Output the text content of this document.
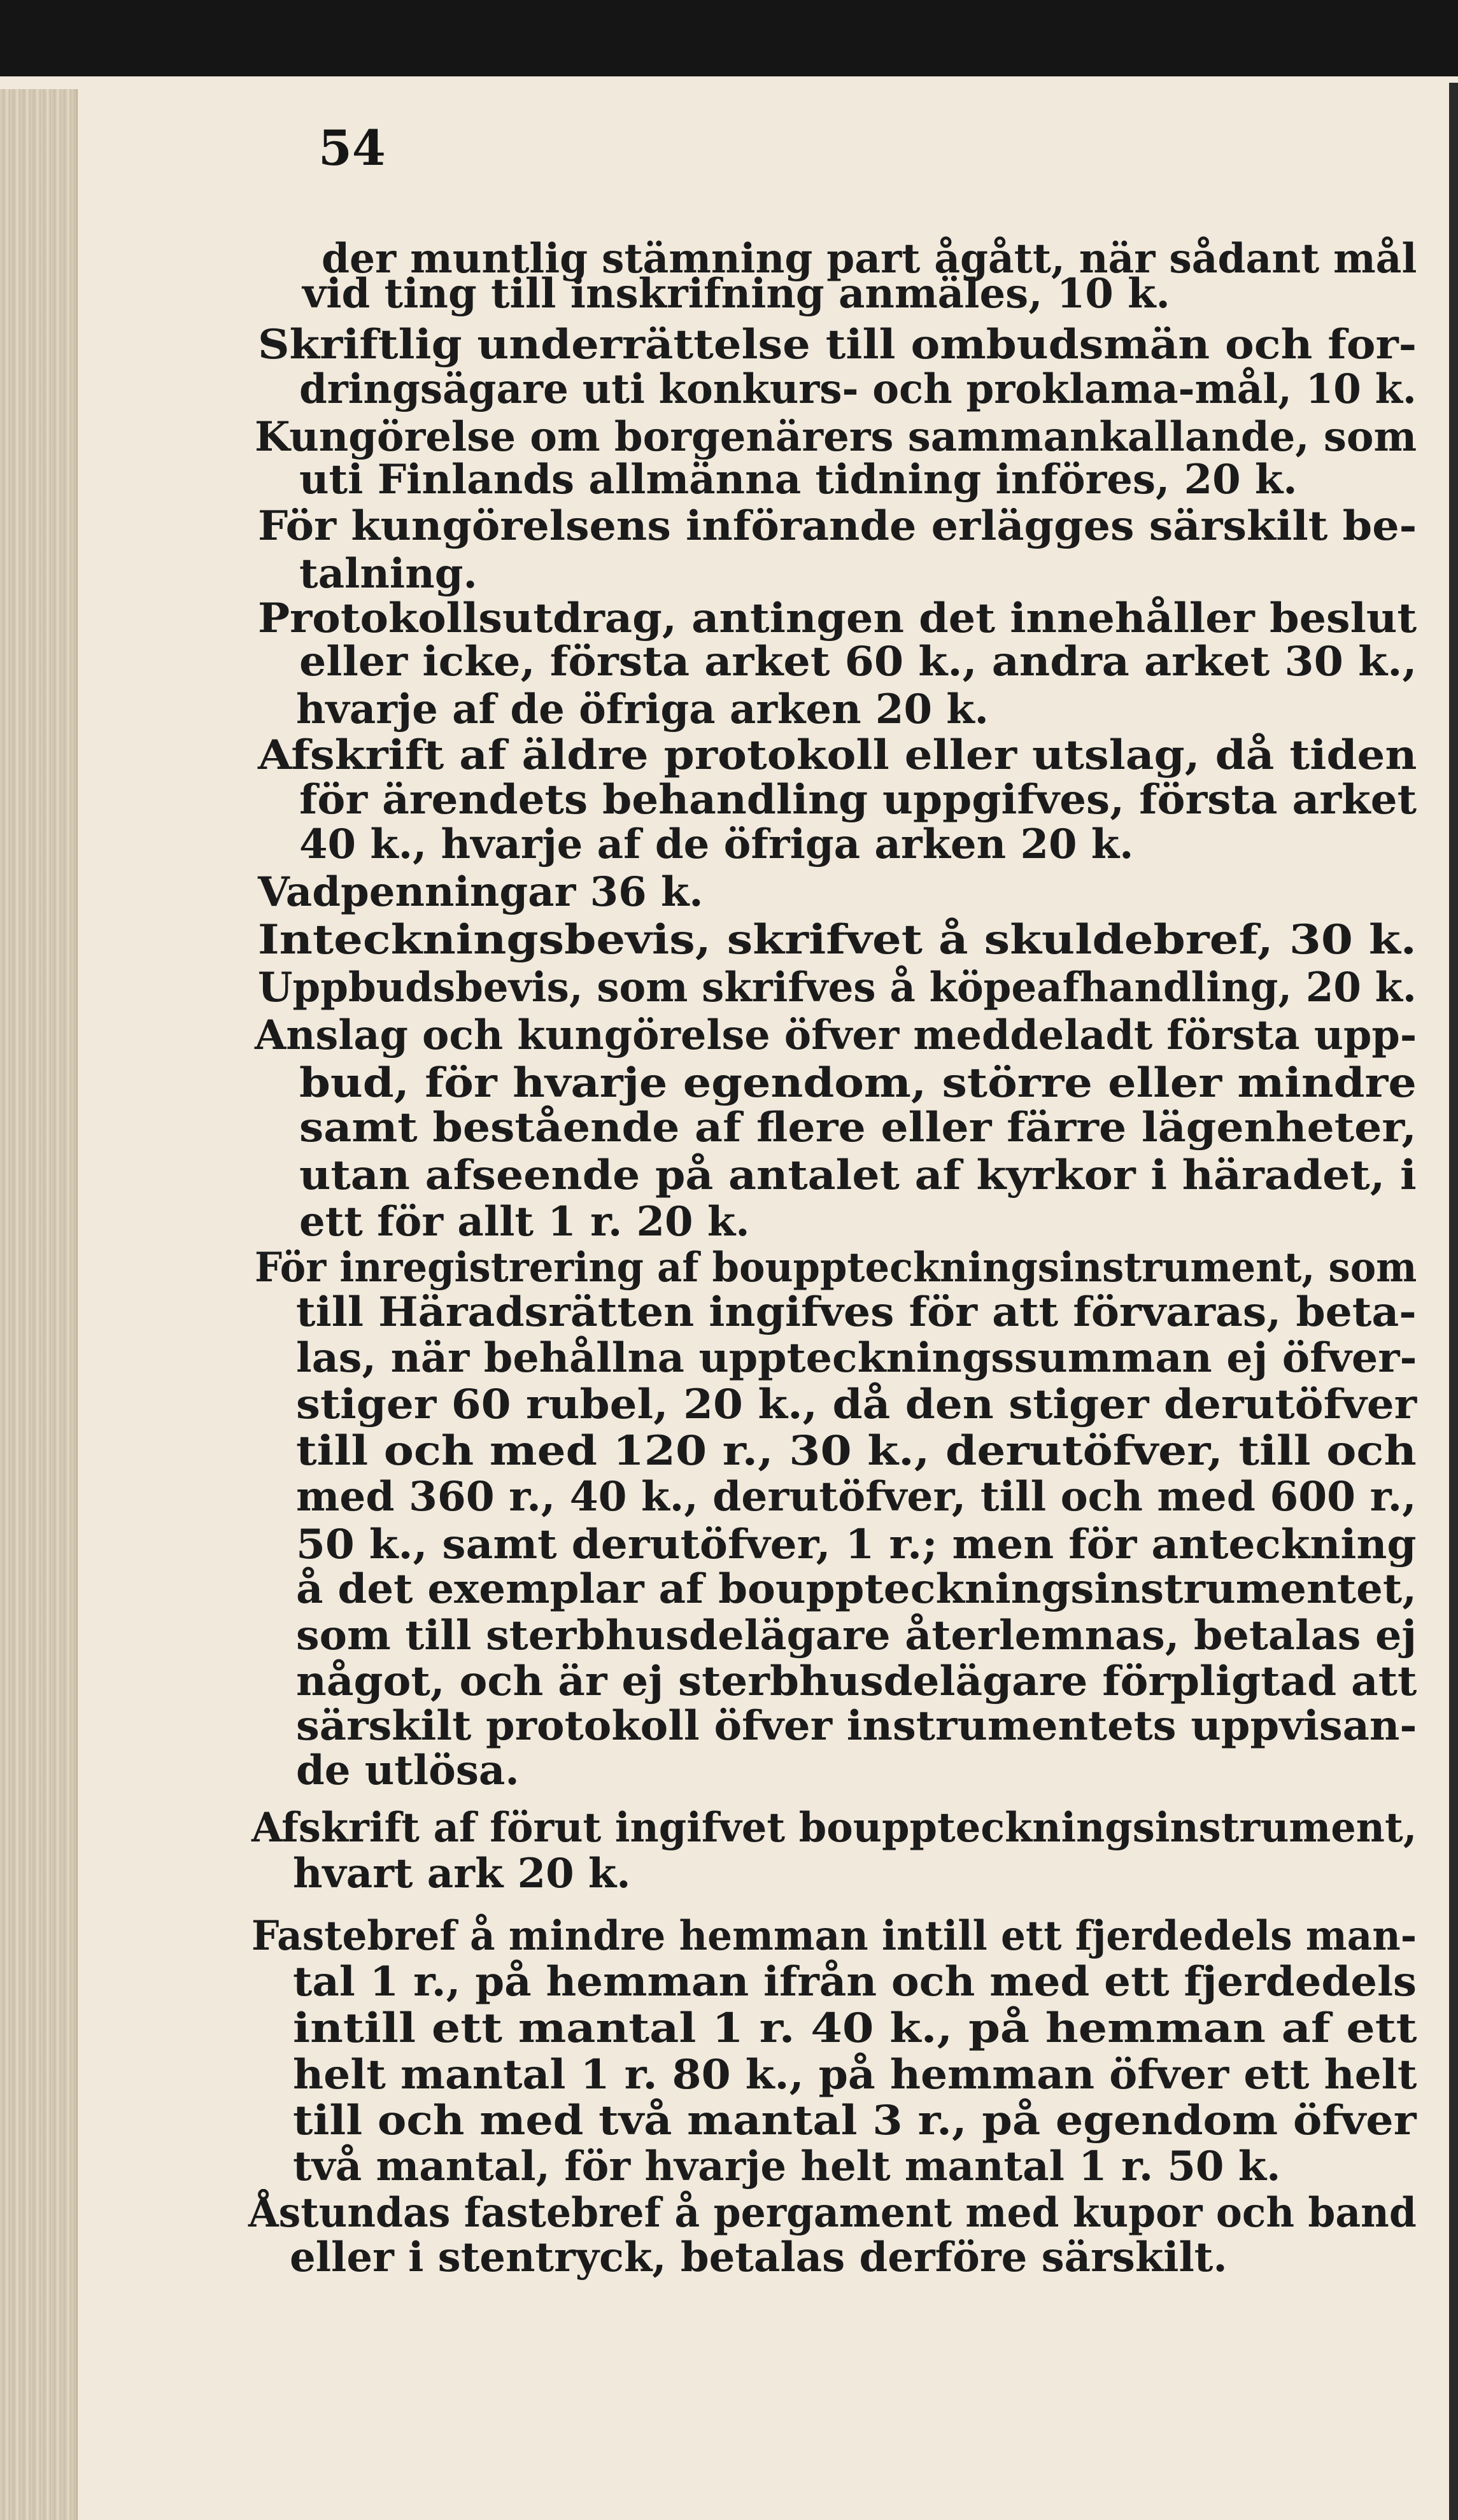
54
der muntlig stämning part ågått, när sådant mål
vid ting till inskrifning anmäles, 10 k.
Skriftlig underrättelse till ombudsmän och for-
dringsägare uti konkurs- och proklama-mål, 10 k.
Kungörelse om borgenärers sammankallande, som
uti Finlands allmänna tidning införes, 20 k.
För kungörelsens införande erlägges särskilt be-
talning.
Protokollsutdrag, antingen det innehåller beslut
eller icke, första arket 60 k., andra arket 30 k.,
hvarje af de öfriga arken 20 k.
Afskrift af äldre protokoll eller utslag, då tiden
för ärendets behandling uppgifves, första arket
40 k., hvarje af de öfriga arken 20 k.
Vadpenningar 36 k.
Inteckningsbevis, skrifvet å skuldebref, 30 k.
Uppbudsbevis, som skrifves å köpeafhandling, 20 k.
Anslag och kungörelse öfver meddeladt första upp-
bud, för hvarje egendom, större eller mindre
samt bestående af flere eller färre lägenheter,
utan afseende på antalet af kyrkor i häradet, i
ett för allt 1 r. 20 k.
För inregistrering af bouppteckningsinstrument, som
till Häradsrätten ingifves för att förvaras, beta-
las, när behållna uppteckningssumman ej öfver-
stiger 60 rubel, 20 k., då den stiger derutöfver
till och med 120 r., 30 k., derutöfver, till och
med 360 r., 40 k., derutöfver, till och med 600 r.,
50 k., samt derutöfver, 1 r.; men för anteckning
å det exemplar af bouppteckningsinstrumentet,
som till sterbhusdelägare återlemnas, betalas ej
något, och är ej sterbhusdelägare förpligtad att
särskilt protokoll öfver instrumentets uppvisan-
de utlösa.
Afskrift af förut ingifvet bouppteckningsinstrument,
hvart ark 20 k.
Fastebref å mindre hemman intill ett fjerdedels man-
tal 1 r., på hemman ifrån och med ett fjerdedels
intill ett mantal 1 r. 40 k., på hemman af ett
helt mantal 1 r. 80 k., på hemman öfver ett helt
till och med två mantal 3 r., på egendom öfver
två mantal, för hvarje helt mantal 1 r. 50 k.
Åstundas fastebref å pergament med kupor och band
eller i stentryck, betalas derföre särskilt.
